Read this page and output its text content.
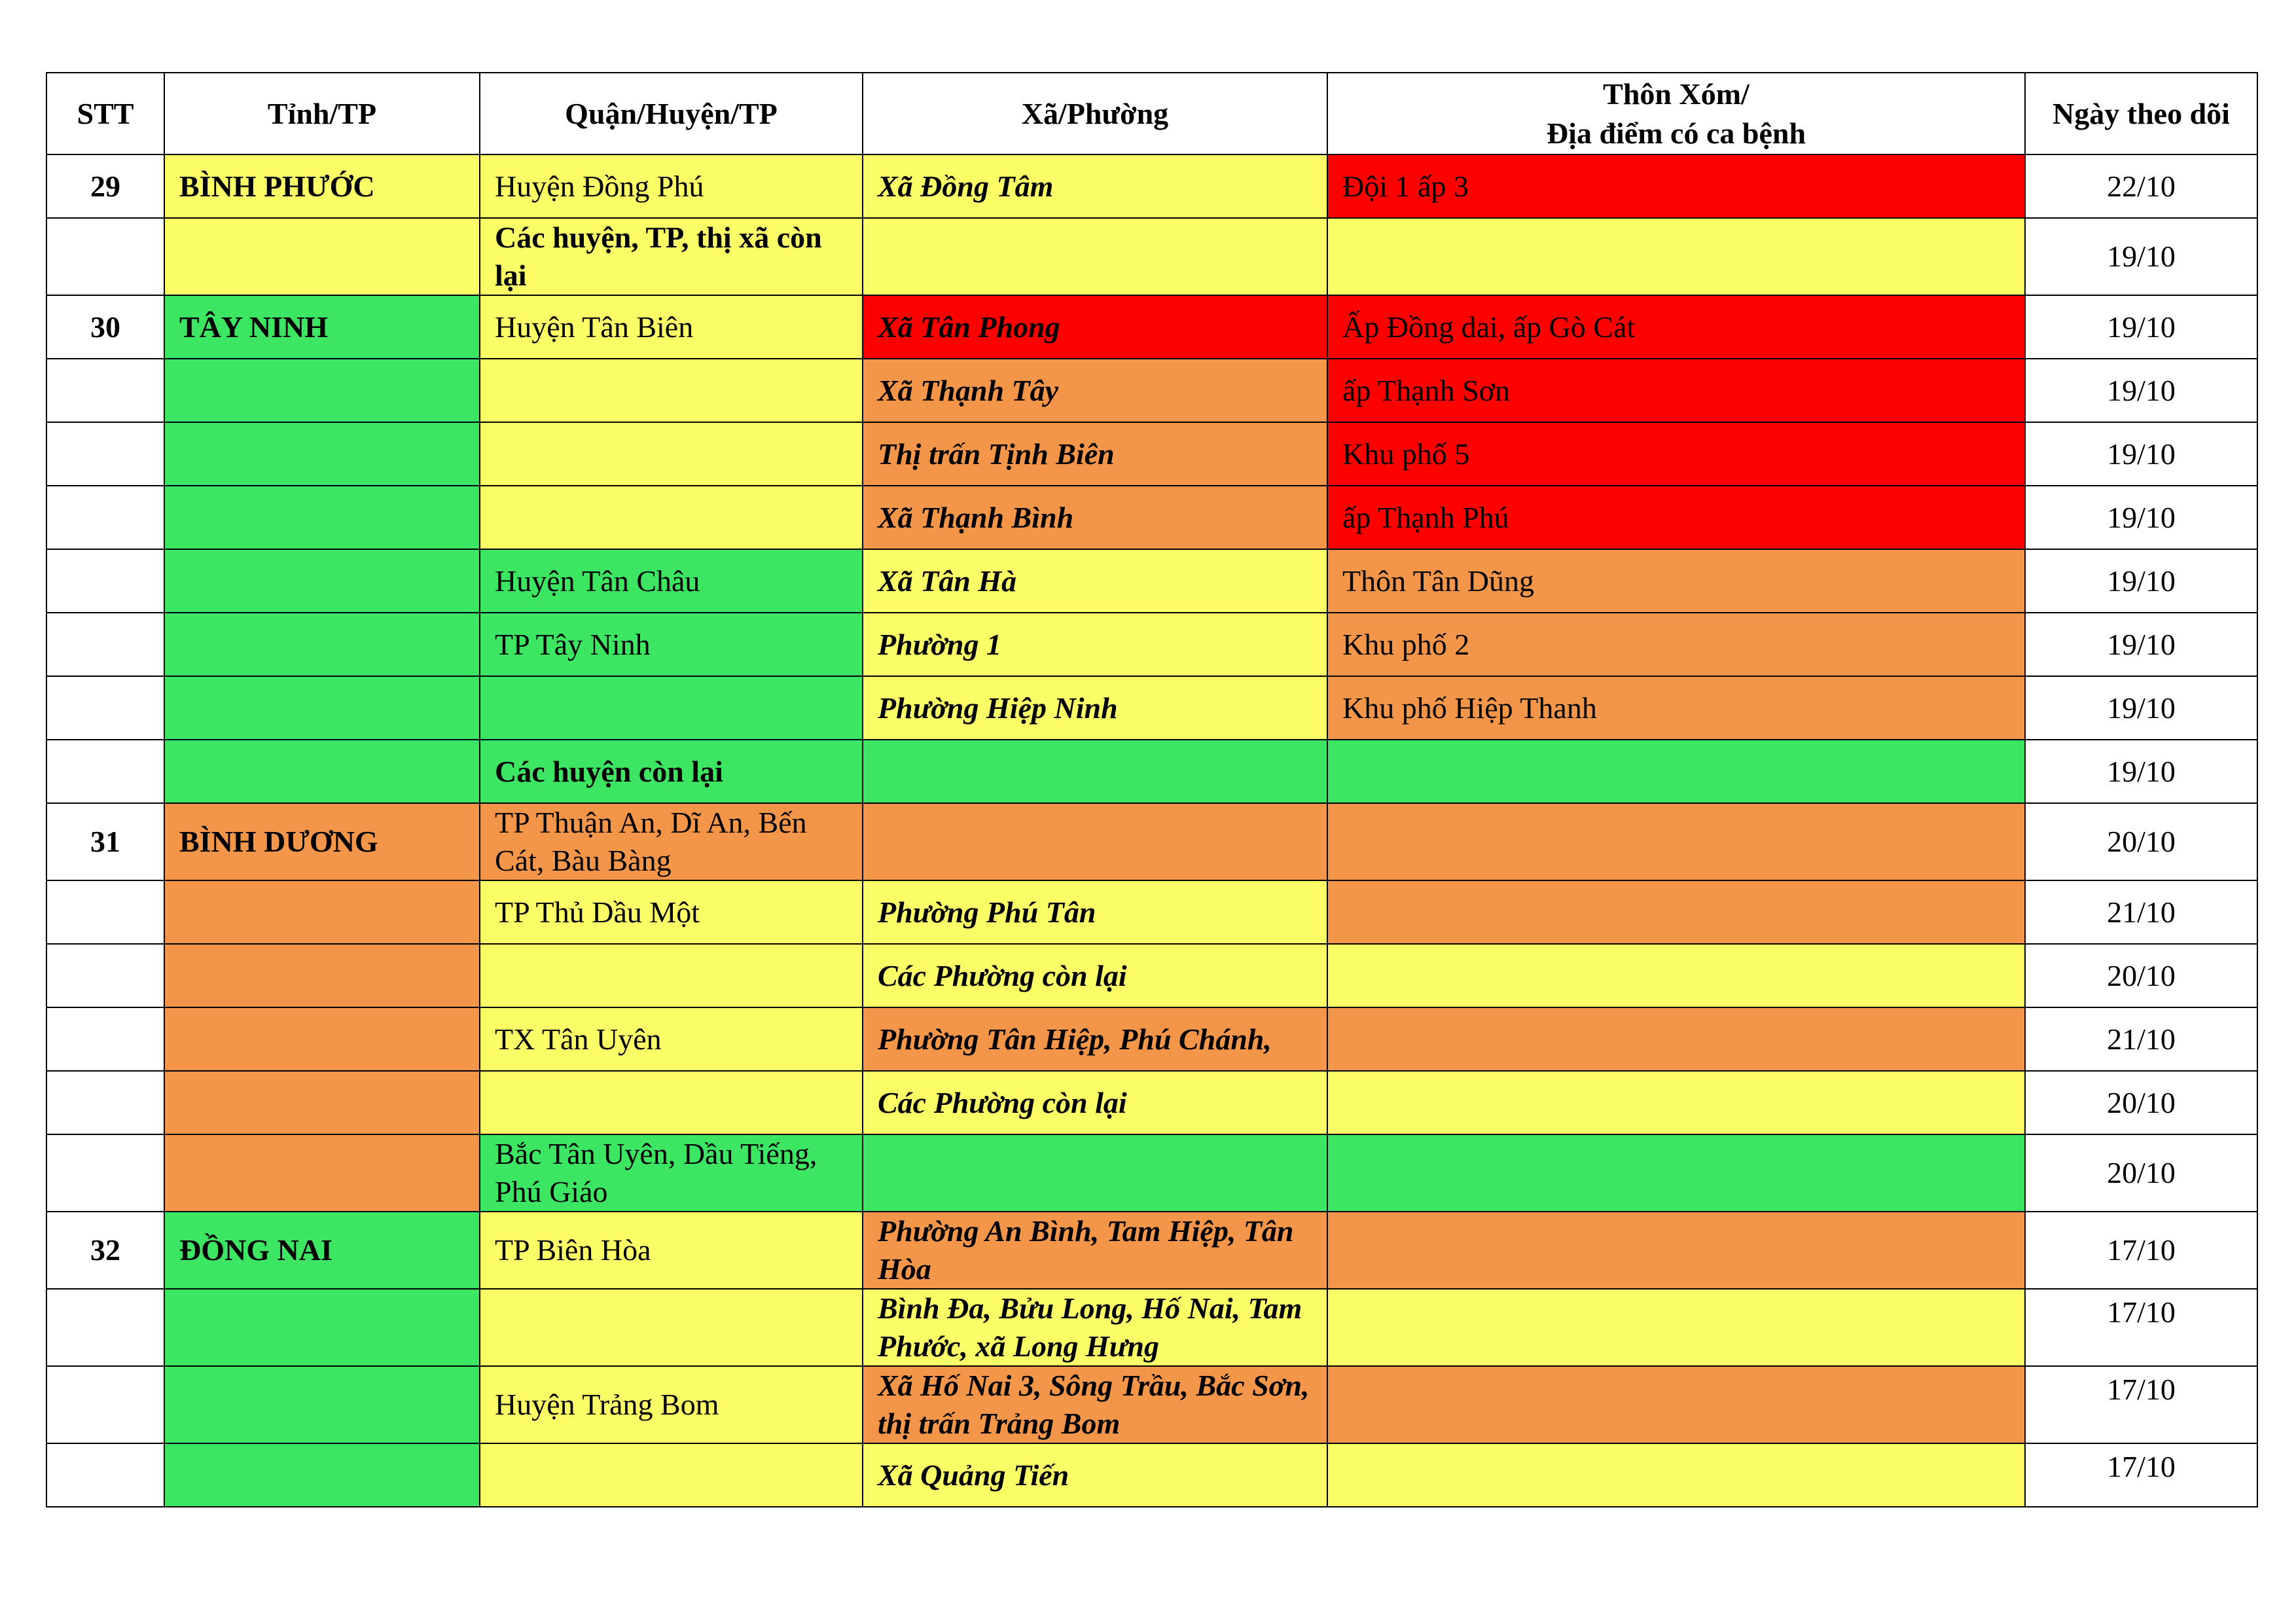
STT	Tỉnh/TP	Quận/Huyện/TP	Xã/Phường	Thôn Xóm/
Địa điểm có ca bệnh	Ngày theo dõi
29	BÌNH PHƯỚC	Huyện Đồng Phú	Xã Đồng Tâm	Đội 1 ấp 3	22/10
		Các huyện, TP, thị xã còn lại			19/10
30	TÂY NINH	Huyện Tân Biên	Xã Tân Phong	Ấp Đồng dai, ấp Gò Cát	19/10
			Xã Thạnh Tây	ấp Thạnh Sơn	19/10
			Thị trấn Tịnh Biên	Khu phố 5	19/10
			Xã Thạnh Bình	ấp Thạnh Phú	19/10
		Huyện Tân Châu	Xã Tân Hà	Thôn Tân Dũng	19/10
		TP Tây Ninh	Phường 1	Khu phố 2	19/10
			Phường Hiệp Ninh	Khu phố Hiệp Thanh	19/10
		Các huyện còn lại			19/10
31	BÌNH DƯƠNG	TP Thuận An, Dĩ An, Bến Cát, Bàu Bàng			20/10
		TP Thủ Dầu Một	Phường Phú Tân		21/10
			Các Phường còn lại		20/10
		TX Tân Uyên	Phường Tân Hiệp, Phú Chánh,		21/10
			Các Phường còn lại		20/10
		Bắc Tân Uyên, Dầu Tiếng, Phú Giáo			20/10
32	ĐỒNG NAI	TP Biên Hòa	Phường An Bình, Tam Hiệp, Tân Hòa		17/10
			Bình Đa, Bửu Long, Hố Nai, Tam Phước, xã Long Hưng		17/10
		Huyện Trảng Bom	Xã Hố Nai 3, Sông Trầu, Bắc Sơn, thị trấn Trảng Bom		17/10
			Xã Quảng Tiến		17/10
